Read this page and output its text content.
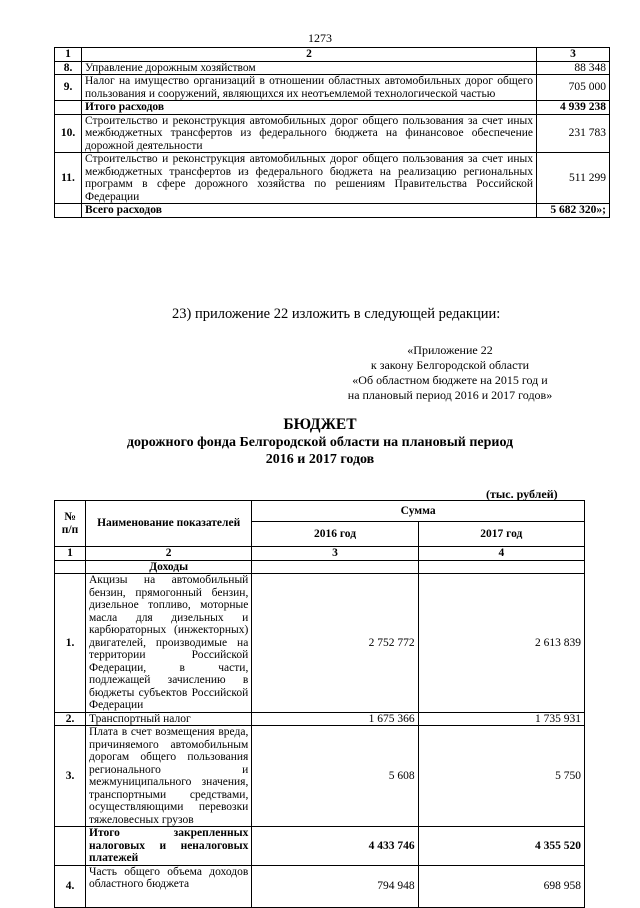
1273
1	2	3
8.	Управление дорожным хозяйством	88 348
9.	Налог на имущество организаций в отношении областных автомобильных дорог общего пользования и сооружений, являющихся их неотъемлемой технологической частью	705 000
	Итого расходов	4 939 238
10.	Строительство и реконструкция автомобильных дорог общего пользования за счет иных межбюджетных трансфертов из федерального бюджета на финансовое обеспечение дорожной деятельности	231 783
11.	Строительство и реконструкция автомобильных дорог общего пользования за счет иных межбюджетных трансфертов из федерального бюджета на реализацию региональных программ в сфере дорожного хозяйства по решениям Правительства Российской Федерации	511 299
	Всего расходов	5 682 320»;
23) приложение 22 изложить в следующей редакции:
«Приложение 22
к закону Белгородской области
«Об областном бюджете на 2015 год и
на плановый период 2016 и 2017 годов»
БЮДЖЕТ
дорожного фонда Белгородской области на плановый период
2016 и 2017 годов
(тыс. рублей)
№ п/п	Наименование показателей	Сумма	
		2016 год	2017 год
1	2	3	4
	Доходы		
1.	Акцизы на автомобильный бензин, прямогонный бензин, дизельное топливо, моторные масла для дизельных и карбюраторных (инжекторных) двигателей, производимые на территории Российской Федерации, в части, подлежащей зачислению в бюджеты субъектов Российской Федерации	2 752 772	2 613 839
2.	Транспортный налог	1 675 366	1 735 931
3.	Плата в счет возмещения вреда, причиняемого автомобильным дорогам общего пользования регионального и межмуниципального значения, транспортными средствами, осуществляющими перевозки тяжеловесных грузов	5 608	5 750
	Итого закрепленных налоговых и неналоговых платежей	4 433 746	4 355 520
4.	Часть общего объема доходов областного бюджета	794 948	698 958
